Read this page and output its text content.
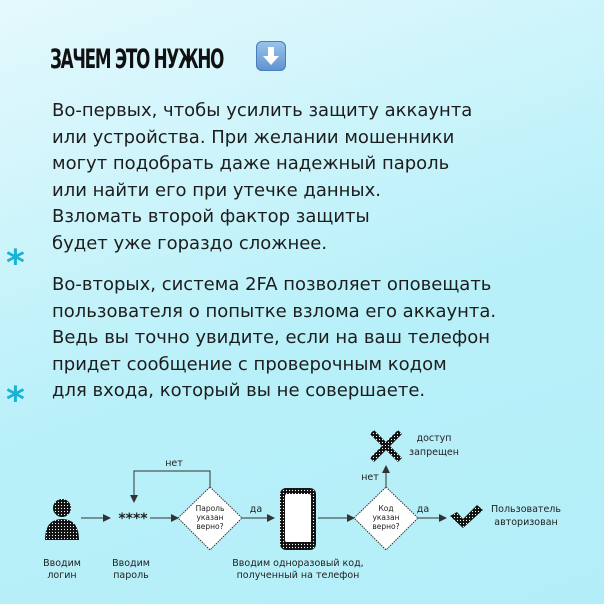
ЗАЧЕМ ЭТО НУЖНО

Во-первых, чтобы усилить защиту аккаунта
или устройства. При желании мошенники
могут подобрать даже надежный пароль
или найти его при утечке данных.
Взломать второй фактор защиты
будет уже гораздо сложнее.

Во-вторых, система 2FA позволяет оповещать
пользователя о попытке взлома его аккаунта.
Ведь вы точно увидите, если на ваш телефон
придет сообщение с проверочным кодом
для входа, который вы не совершаете.

*
*
Вводим
логин
****
Вводим
пароль
Пароль
указан
верно?
нет
да
Вводим одноразовый код,
полученный на телефон
Код
указан
верно?
нет
доступ
запрещен
да	Пользователь
авторизован
